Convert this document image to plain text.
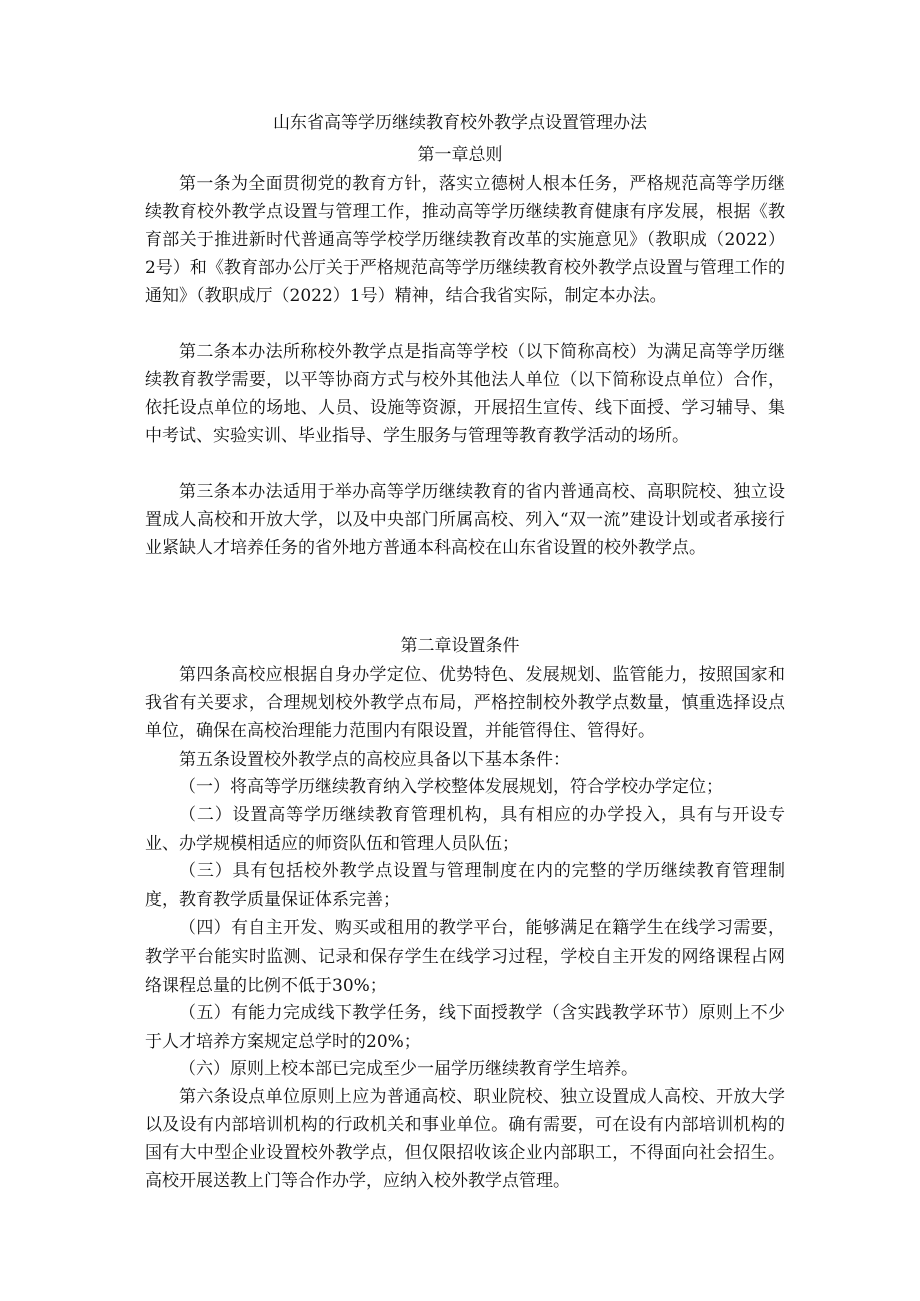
山东省高等学历继续教育校外教学点设置管理办法
第一章总则

第一条为全面贯彻党的教育方针，落实立德树人根本任务，严格规范高等学历继续教育校外教学点设置与管理工作，推动高等学历继续教育健康有序发展，根据《教育部关于推进新时代普通高等学校学历继续教育改革的实施意见》（教职成（2022）2号）和《教育部办公厅关于严格规范高等学历继续教育校外教学点设置与管理工作的通知》（教职成厅（2022）1号）精神，结合我省实际，制定本办法。

第二条本办法所称校外教学点是指高等学校（以下简称高校）为满足高等学历继续教育教学需要，以平等协商方式与校外其他法人单位（以下简称设点单位）合作，依托设点单位的场地、人员、设施等资源，开展招生宣传、线下面授、学习辅导、集中考试、实验实训、毕业指导、学生服务与管理等教育教学活动的场所。

第三条本办法适用于举办高等学历继续教育的省内普通高校、高职院校、独立设置成人高校和开放大学，以及中央部门所属高校、列入“双一流”建设计划或者承接行业紧缺人才培养任务的省外地方普通本科高校在山东省设置的校外教学点。

第二章设置条件

第四条高校应根据自身办学定位、优势特色、发展规划、监管能力，按照国家和我省有关要求，合理规划校外教学点布局，严格控制校外教学点数量，慎重选择设点单位，确保在高校治理能力范围内有限设置，并能管得住、管得好。

第五条设置校外教学点的高校应具备以下基本条件：

（一）将高等学历继续教育纳入学校整体发展规划，符合学校办学定位；

（二）设置高等学历继续教育管理机构，具有相应的办学投入，具有与开设专业、办学规模相适应的师资队伍和管理人员队伍；

（三）具有包括校外教学点设置与管理制度在内的完整的学历继续教育管理制度，教育教学质量保证体系完善；

（四）有自主开发、购买或租用的教学平台，能够满足在籍学生在线学习需要，教学平台能实时监测、记录和保存学生在线学习过程，学校自主开发的网络课程占网络课程总量的比例不低于30%；

（五）有能力完成线下教学任务，线下面授教学（含实践教学环节）原则上不少于人才培养方案规定总学时的20%；

（六）原则上校本部已完成至少一届学历继续教育学生培养。

第六条设点单位原则上应为普通高校、职业院校、独立设置成人高校、开放大学以及设有内部培训机构的行政机关和事业单位。确有需要，可在设有内部培训机构的国有大中型企业设置校外教学点，但仅限招收该企业内部职工，不得面向社会招生。高校开展送教上门等合作办学，应纳入校外教学点管理。
